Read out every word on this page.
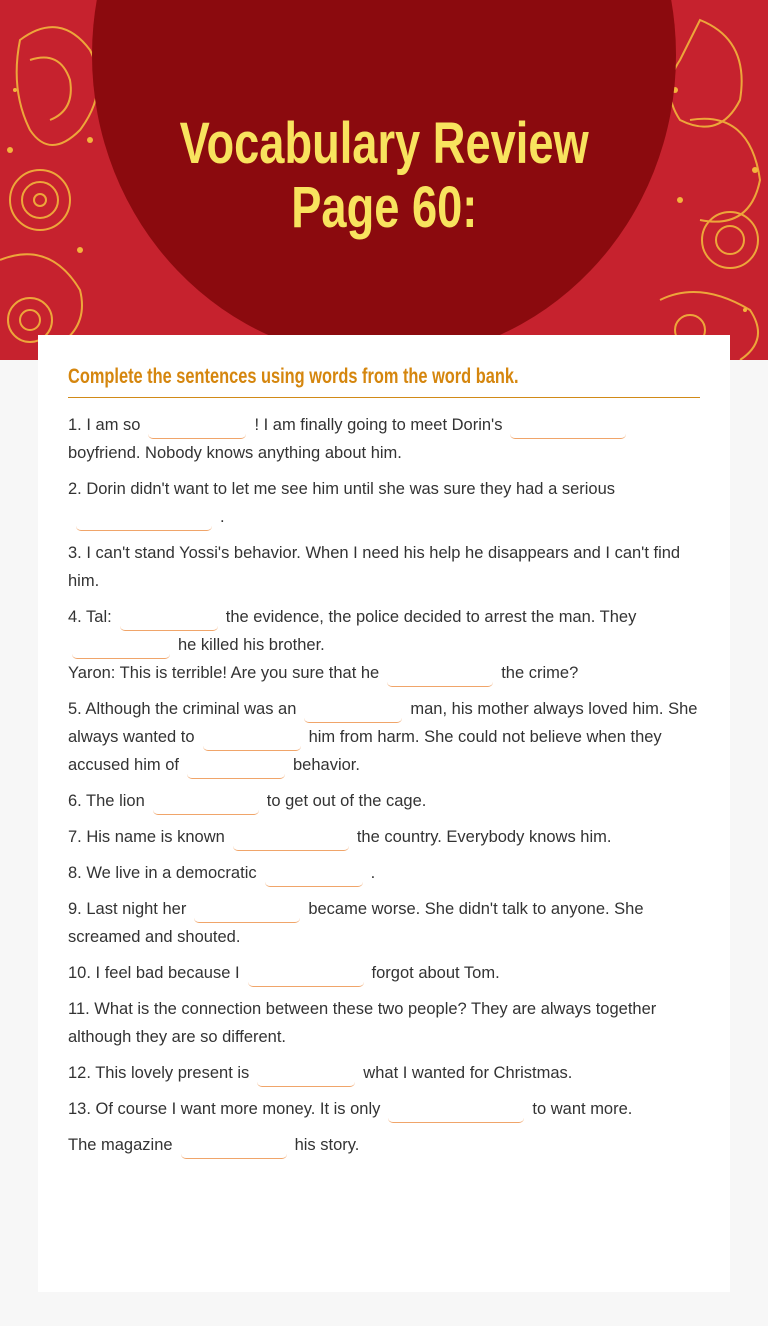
Vocabulary Review
Page 60:
Complete the sentences using words from the word bank.
1. I am so	! I am finally going to meet Dorin'sboyfriend. Nobody knows anything about him.
2. Dorin didn't want to let me see him until she was sure they had a serious
.
3. I can't stand Yossi's behavior. When I need his help he disappears and I can't find him.
4. Tal:	the evidence, the police decided to arrest the man. They
he killed his brother.
Yaron: This is terrible! Are you sure that he	the crime?
5. Although the criminal was an	man, his mother always loved him. She always wanted to	him from harm. She could not believe when they accused him of	behavior.
6. The lion	to get out of the cage.
7. His name is known	the country. Everybody knows him.
8. We live in a democratic	.
9. Last night her	became worse. She didn't talk to anyone. She screamed and shouted.
10. I feel bad because I	forgot about Tom.
11. What is the connection between these two people? They are always together although they are so different.
12. This lovely present is	what I wanted for Christmas.
13. Of course I want more money. It is only	to want more.
The magazine	his story.
